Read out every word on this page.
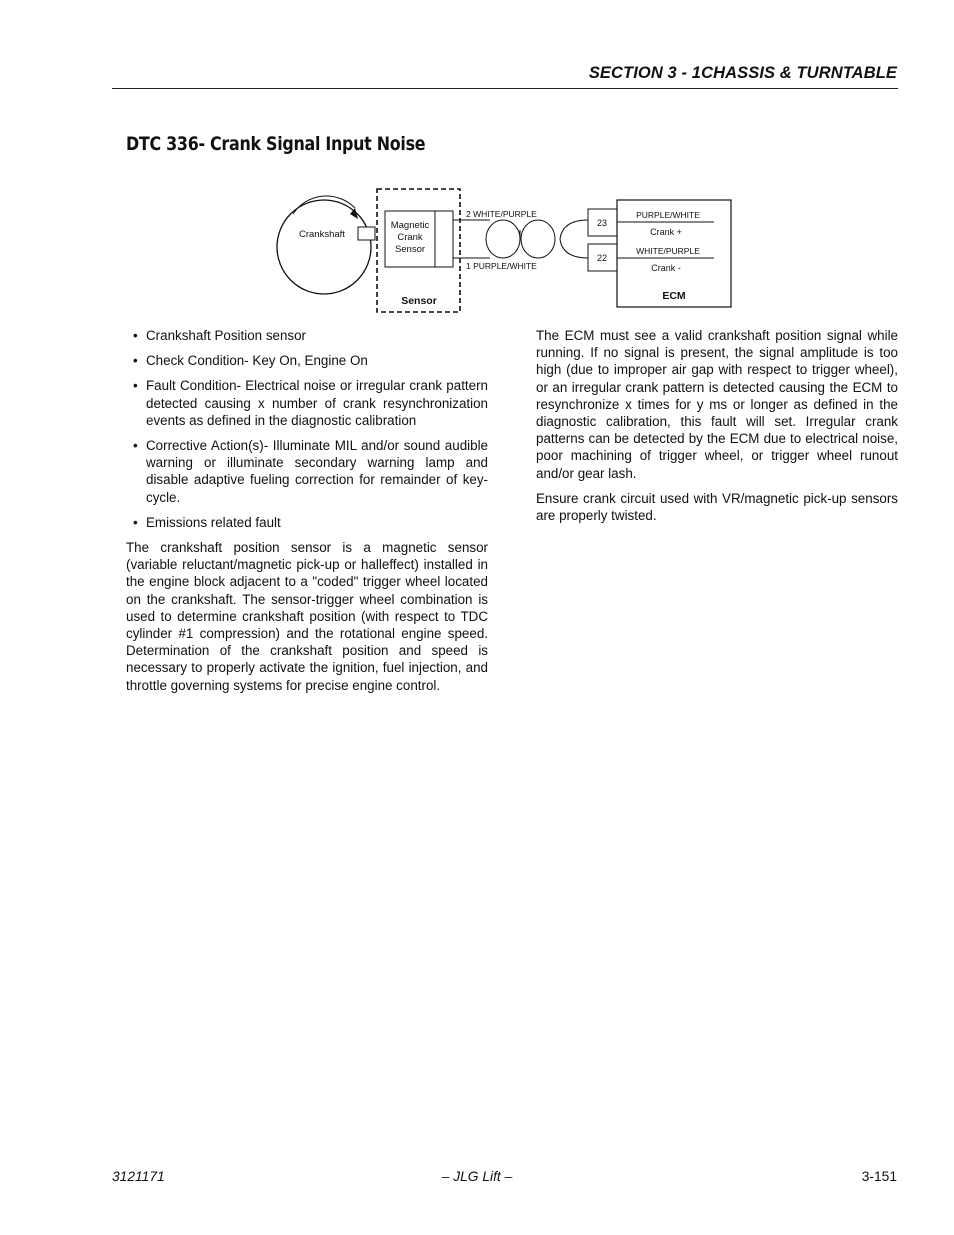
SECTION 3 - 1CHASSIS & TURNTABLE
DTC 336- Crank Signal Input Noise
Crankshaft
Magnetic
Crank
Sensor
Sensor
2 WHITE/PURPLE
1 PURPLE/WHITE
23
22
PURPLE/WHITE
Crank +
WHITE/PURPLE
Crank -
ECM
• Crankshaft Position sensor
• Check Condition- Key On, Engine On
• Fault Condition- Electrical noise or irregular crank pattern detected causing x number of crank resynchronization events as defined in the diagnostic calibration
• Corrective Action(s)- Illuminate MIL and/or sound audible warning or illuminate secondary warning lamp and disable adaptive fueling correction for remainder of key-cycle.
• Emissions related fault

The crankshaft position sensor is a magnetic sensor (variable reluctant/magnetic pick-up or halleffect) installed in the engine block adjacent to a "coded" trigger wheel located on the crankshaft. The sensor-trigger wheel combination is used to determine crankshaft position (with respect to TDC cylinder #1 compression) and the rotational engine speed. Determination of the crankshaft position and speed is necessary to properly activate the ignition, fuel injection, and throttle governing systems for precise engine control.

The ECM must see a valid crankshaft position signal while running. If no signal is present, the signal amplitude is too high (due to improper air gap with respect to trigger wheel), or an irregular crank pattern is detected causing the ECM to resynchronize x times for y ms or longer as defined in the diagnostic calibration, this fault will set. Irregular crank patterns can be detected by the ECM due to electrical noise, poor machining of trigger wheel, or trigger wheel runout and/or gear lash.

Ensure crank circuit used with VR/magnetic pick-up sensors are properly twisted.

3121171	– JLG Lift –	3-151
